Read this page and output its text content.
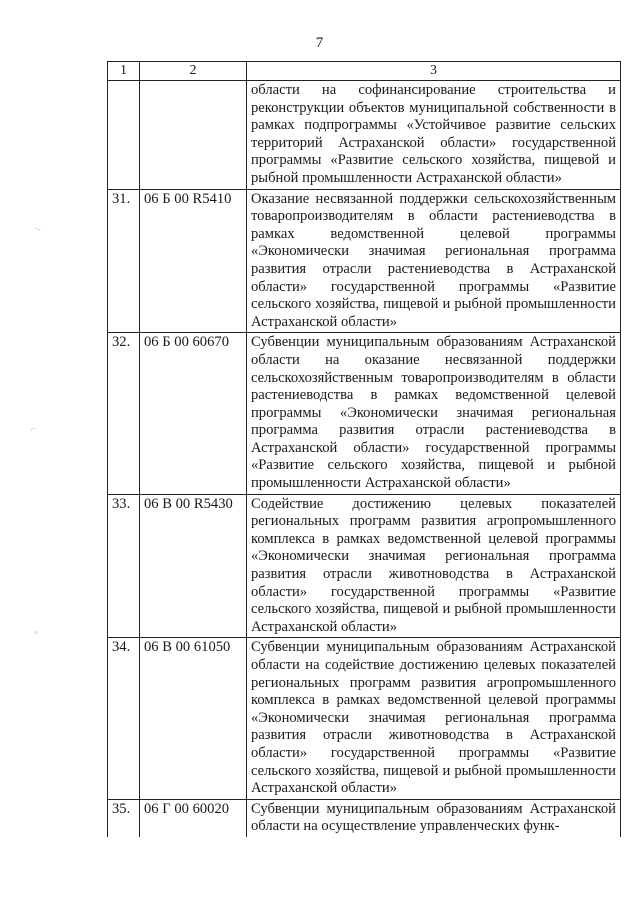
7
·-
⌐
ᐤ
1	2	3
		области на софинансирование строительства и реконструкции объектов муниципальной собственности в рамках подпрограммы «Устойчивое развитие сельских территорий Астраханской области» государственной программы «Развитие сельского хозяйства, пищевой и рыбной промышленности Астраханской области»
31.	06 Б 00 R5410	Оказание несвязанной поддержки сельскохозяйственным товаропроизводителям в области растениеводства в рамках ведомственной целевой программы «Экономически значимая региональная программа развития отрасли растениеводства в Астраханской области» государственной программы «Развитие сельского хозяйства, пищевой и рыбной промышленности Астраханской области»
32.	06 Б 00 60670	Субвенции муниципальным образованиям Астраханской области на оказание несвязанной поддержки сельскохозяйственным товаропроизводителям в области растениеводства в рамках ведомственной целевой программы «Экономически значимая региональная программа развития отрасли растениеводства в Астраханской области» государственной программы «Развитие сельского хозяйства, пищевой и рыбной промышленности Астраханской области»
33.	06 В 00 R5430	Содействие достижению целевых показателей региональных программ развития агропромышленного комплекса в рамках ведомственной целевой программы «Экономически значимая региональная программа развития отрасли животноводства в Астраханской области» государственной программы «Развитие сельского хозяйства, пищевой и рыбной промышленности Астраханской области»
34.	06 В 00 61050	Субвенции муниципальным образованиям Астраханской области на содействие достижению целевых показателей региональных программ развития агропромышленного комплекса в рамках ведомственной целевой программы «Экономически значимая региональная программа развития отрасли животноводства в Астраханской области» государственной программы «Развитие сельского хозяйства, пищевой и рыбной промышленности Астраханской области»
35.	06 Г 00 60020	Субвенции муниципальным образованиям Астраханской области на осуществление управленческих функ-
